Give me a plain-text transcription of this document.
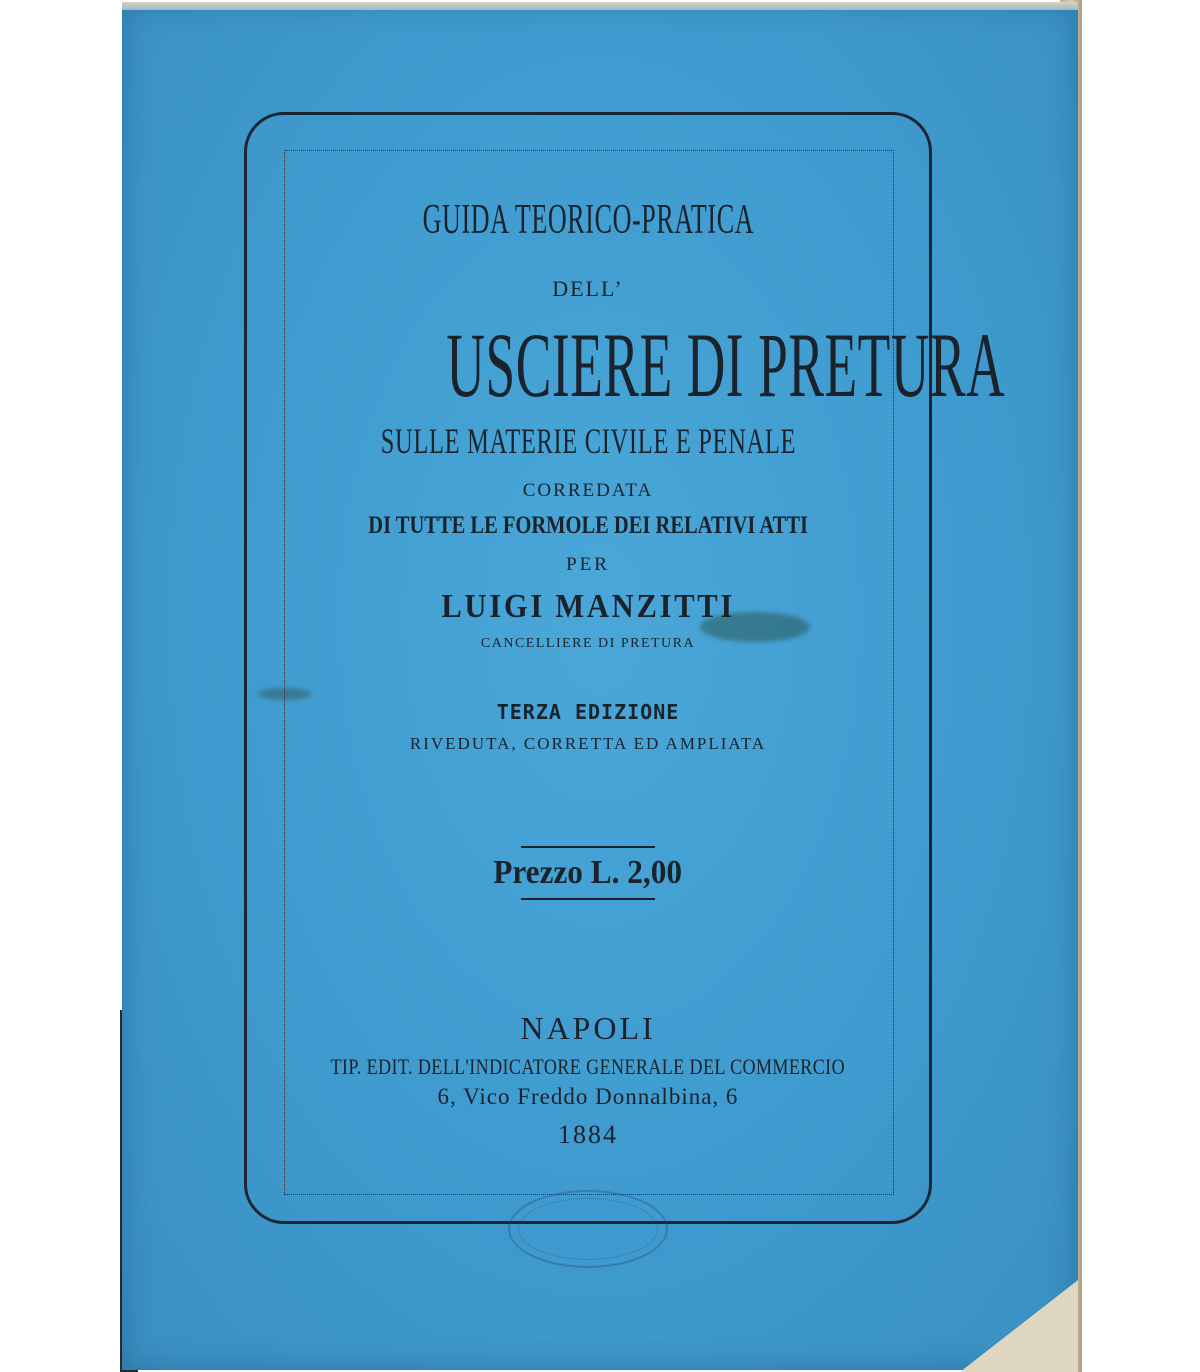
GUIDA TEORICO-PRATICA

DELL’

USCIERE DI PRETURA

SULLE MATERIE CIVILE E PENALE

CORREDATA

DI TUTTE LE FORMOLE DEI RELATIVI ATTI

PER

LUIGI MANZITTI

CANCELLIERE DI PRETURA

TERZA EDIZIONE

RIVEDUTA, CORRETTA ED AMPLIATA

Prezzo L. 2,00

NAPOLI

TIP. EDIT. DELL'INDICATORE GENERALE DEL COMMERCIO

6, Vico Freddo Donnalbina, 6

1884
